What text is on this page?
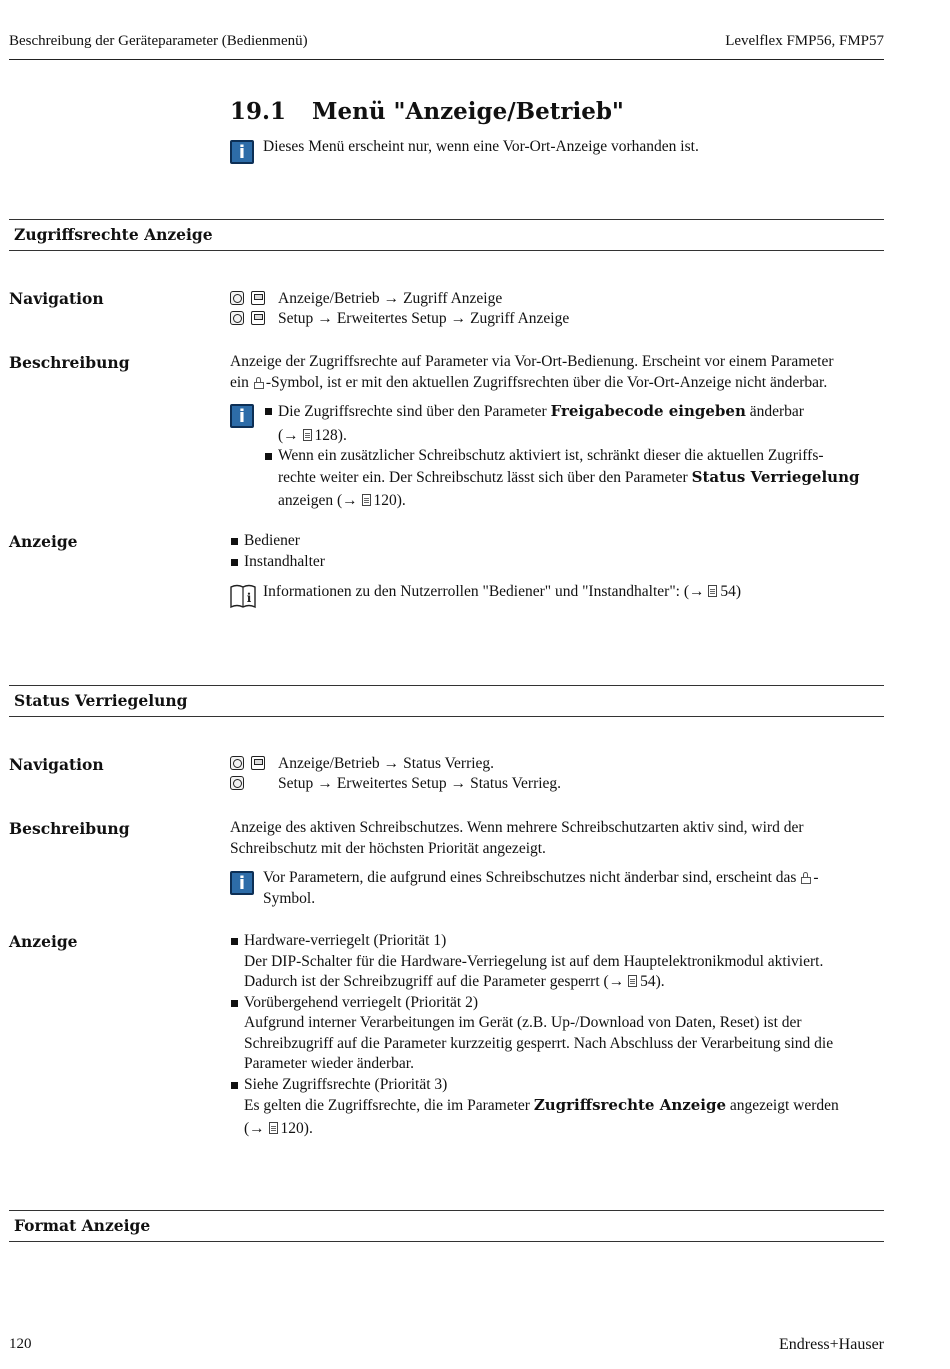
Beschreibung der Geräteparameter (Bedienmenü)	Levelflex FMP56, FMP57
19.1 Menü "Anzeige/Betrieb"
i	Dieses Menü erscheint nur, wenn eine Vor-Ort-Anzeige vorhanden ist.
Zugriffsrechte Anzeige
Navigation
	Anzeige/Betrieb → Zugriff Anzeige

Setup → Erweitertes Setup → Zugriff Anzeige
Beschreibung	Anzeige der Zugriffsrechte auf Parameter via Vor-Ort-Bedienung. Erscheint vor einem Parameter
ein -Symbol, ist er mit den aktuellen Zugriffsrechten über die Vor-Ort-Anzeige nicht änderbar.
i	Die Zugriffsrechte sind über den Parameter Freigabecode eingeben änderbar
(→ 128).
Wenn ein zusätzlicher Schreibschutz aktiviert ist, schränkt dieser die aktuellen Zugriffs-
rechte weiter ein. Der Schreibschutz lässt sich über den Parameter Status Verriegelung
anzeigen (→ 120).
Anzeige	Bediener
Instandhalter
i Informationen zu den Nutzerrollen "Bediener" und "Instandhalter": (→ 54)
Status Verriegelung
Navigation
	Anzeige/Betrieb → Status Verrieg.
Setup → Erweitertes Setup → Status Verrieg.
Beschreibung	Anzeige des aktiven Schreibschutzes. Wenn mehrere Schreibschutzarten aktiv sind, wird der
Schreibschutz mit der höchsten Priorität angezeigt.
i	Vor Parametern, die aufgrund eines Schreibschutzes nicht änderbar sind, erscheint das -
Symbol.
Anzeige	Hardware-verriegelt (Priorität 1)
Der DIP-Schalter für die Hardware-Verriegelung ist auf dem Hauptelektronikmodul aktiviert.
Dadurch ist der Schreibzugriff auf die Parameter gesperrt (→ 54).
Vorübergehend verriegelt (Priorität 2)
Aufgrund interner Verarbeitungen im Gerät (z.B. Up-/Download von Daten, Reset) ist der
Schreibzugriff auf die Parameter kurzzeitig gesperrt. Nach Abschluss der Verarbeitung sind die
Parameter wieder änderbar.
Siehe Zugriffsrechte (Priorität 3)
Es gelten die Zugriffsrechte, die im Parameter Zugriffsrechte Anzeige angezeigt werden
(→ 120).
Format Anzeige
120	Endress+Hauser
